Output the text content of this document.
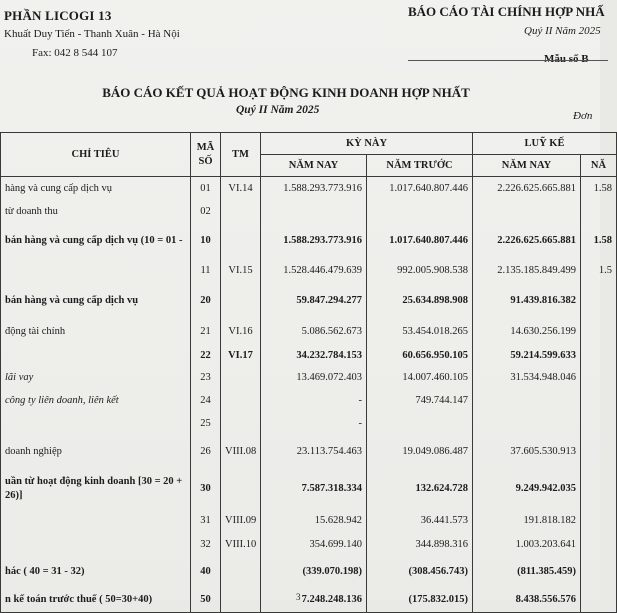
PHẦN LICOGI 13
Khuất Duy Tiến - Thanh Xuân - Hà Nội
Fax: 042 8 544 107
BÁO CÁO TÀI CHÍNH HỢP NHẤ
Quý II Năm 2025
Mẫu số B
BÁO CÁO KẾT QUẢ HOẠT ĐỘNG KINH DOANH HỢP NHẤT
Quý II Năm 2025	Đơn
CHỈ TIÊU	MÃ SỐ	TM	KỲ NÀY		LUỸ KẾ	
			NĂM NAY	NĂM TRƯỚC	NĂM NAY	NĂ
hàng và cung cấp dịch vụ	01	VI.14	1.588.293.773.916	1.017.640.807.446	2.226.625.665.881	1.58
từ doanh thu	02					
bán hàng và cung cấp dịch vụ (10 = 01 -	10		1.588.293.773.916	1.017.640.807.446	2.226.625.665.881	1.58
	11	VI.15	1.528.446.479.639	992.005.908.538	2.135.185.849.499	1.5
bán hàng và cung cấp dịch vụ	20		59.847.294.277	25.634.898.908	91.439.816.382	
động tài chính	21	VI.16	5.086.562.673	53.454.018.265	14.630.256.199	
	22	VI.17	34.232.784.153	60.656.950.105	59.214.599.633	
lãi vay	23		13.469.072.403	14.007.460.105	31.534.948.046	
công ty liên doanh, liên kết	24		-	749.744.147		
	25		-			
doanh nghiệp	26	VIII.08	23.113.754.463	19.049.086.487	37.605.530.913	
uần từ hoạt động kinh doanh [30 = 20 +
26)]	30		7.587.318.334	132.624.728	9.249.942.035	
	31	VIII.09	15.628.942	36.441.573	191.818.182	
	32	VIII.10	354.699.140	344.898.316	1.003.203.641	
hác ( 40 = 31 - 32)	40		(339.070.198)	(308.456.743)	(811.385.459)	
n kế toán trước thuế ( 50=30+40)	50		7.248.248.136	(175.832.015)	8.438.556.576	
3
